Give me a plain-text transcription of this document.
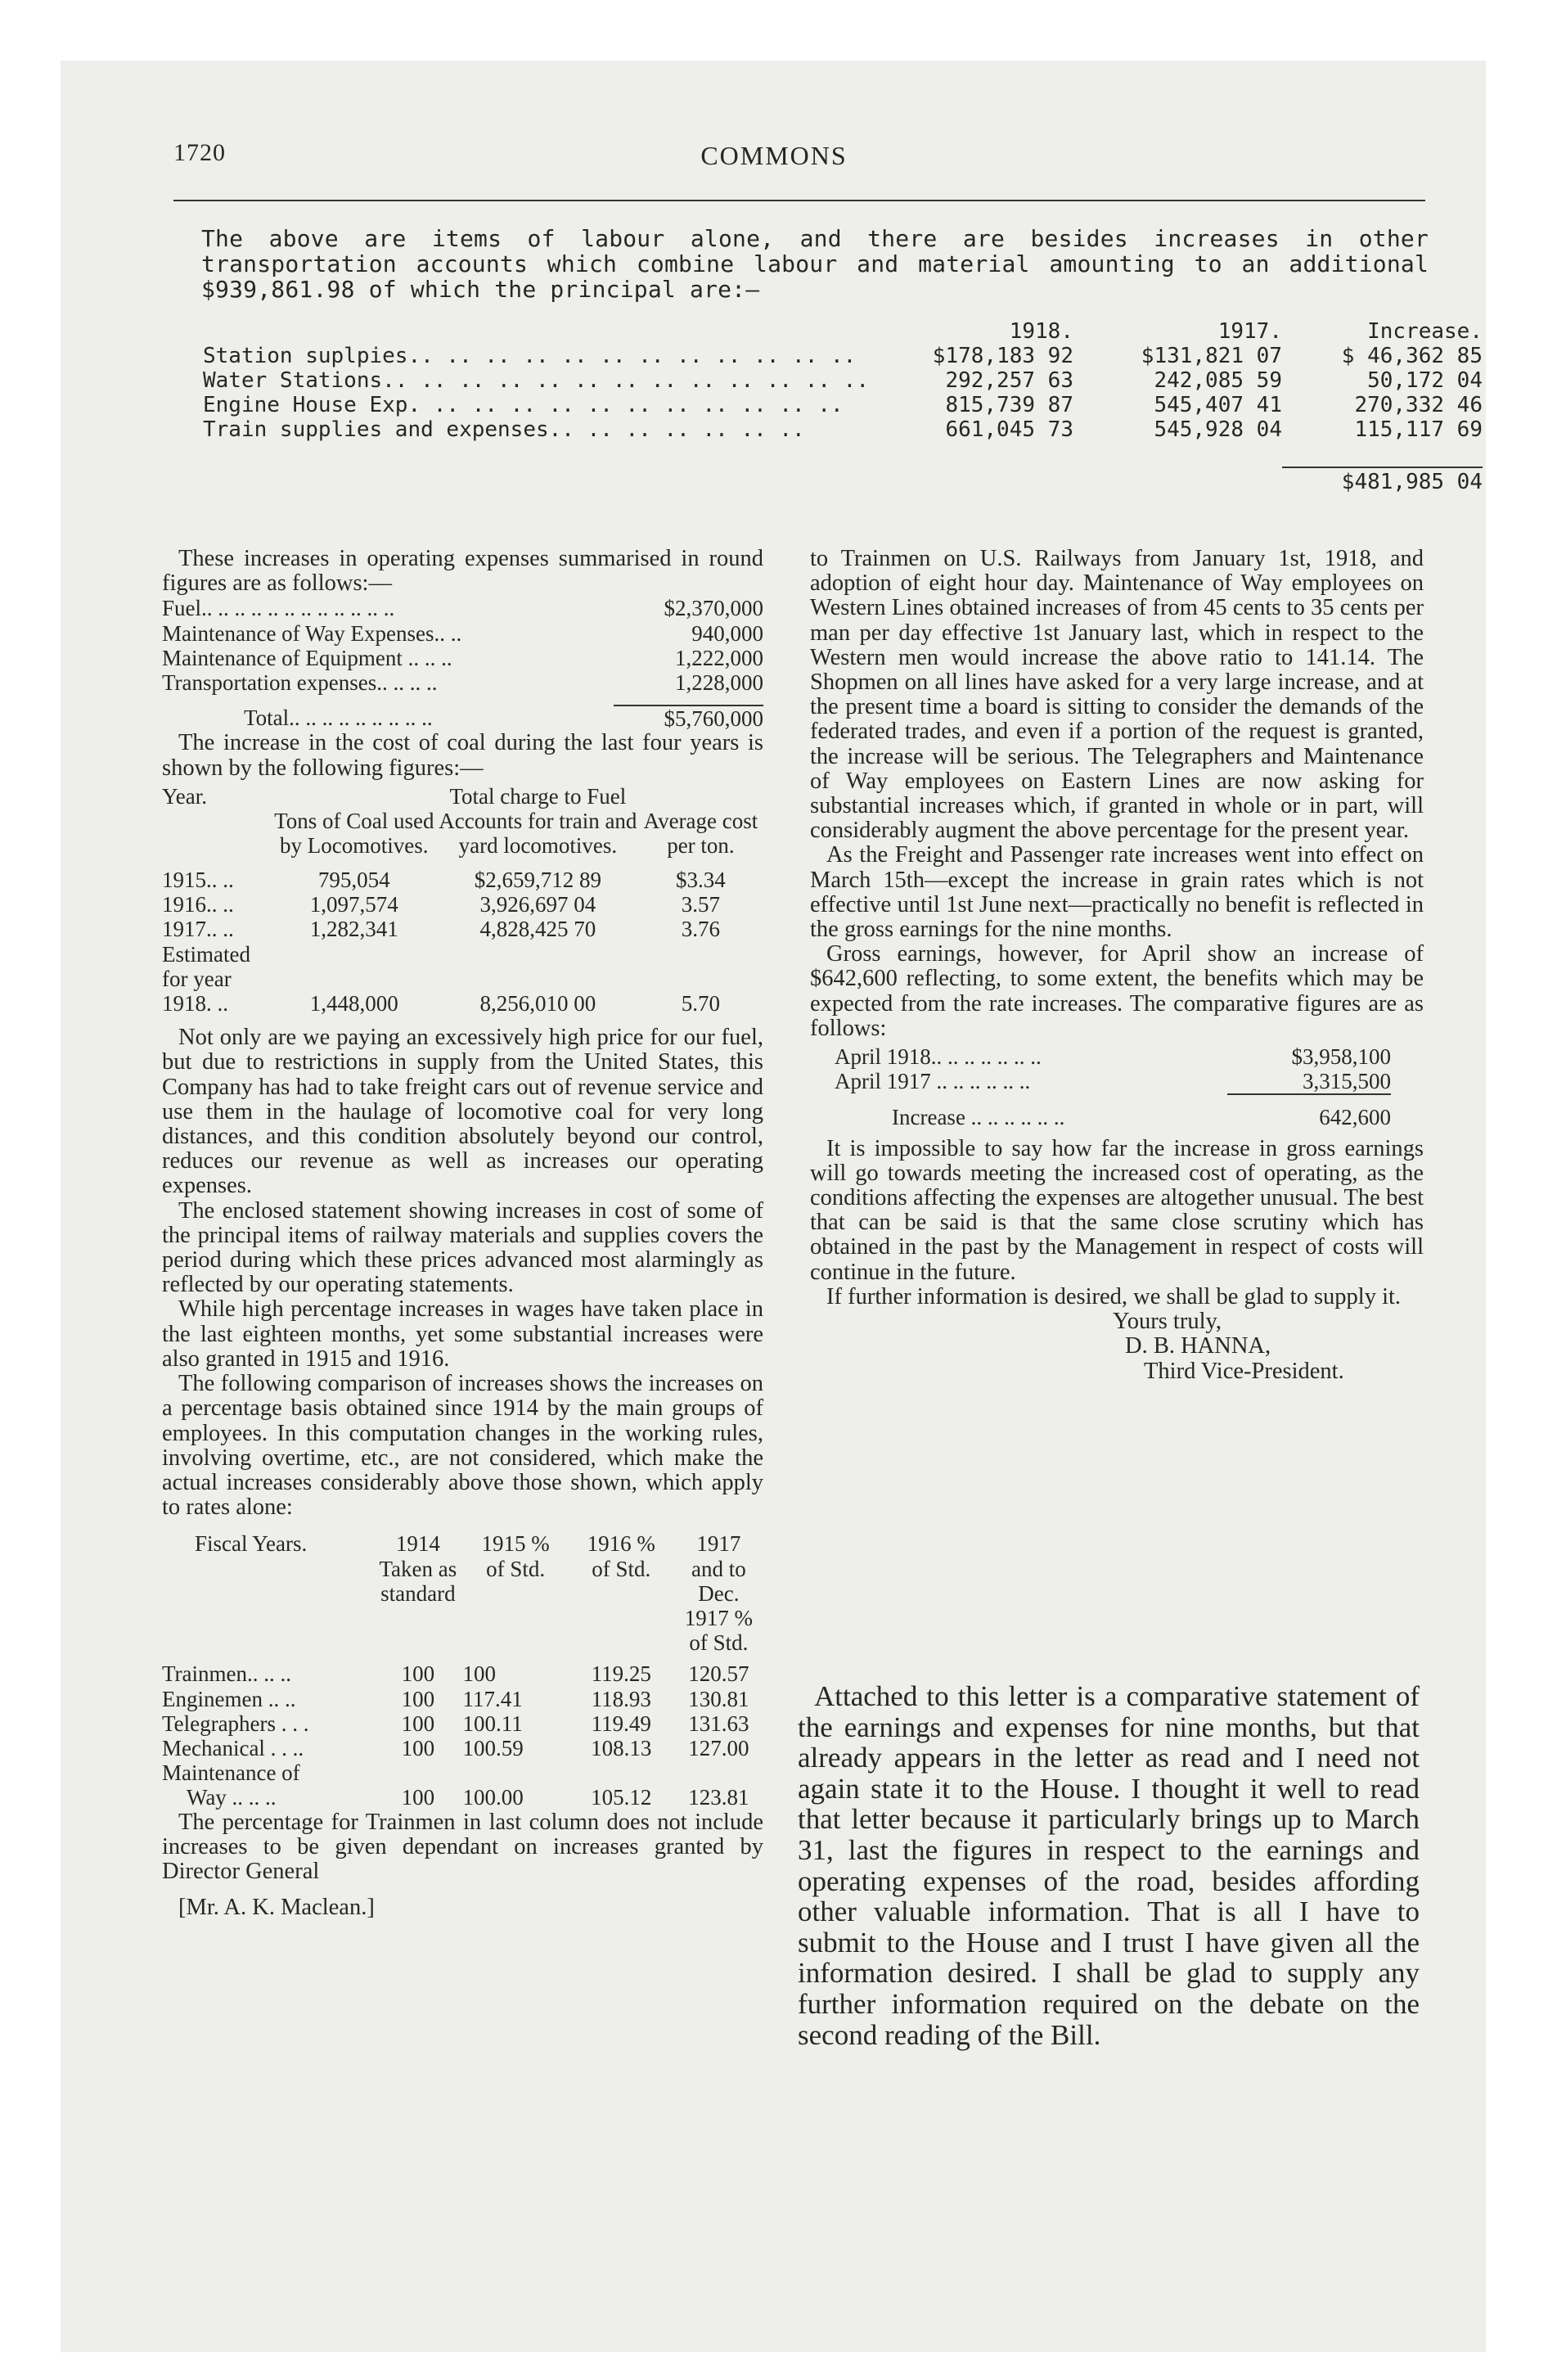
1720	COMMONS
The above are items of labour alone, and there are besides increases in other transportation accounts which combine labour and material amounting to an additional $939,861.98 of which the principal are:—
	1918.	1917.	Increase.
Station suplpies.. .. .. .. .. .. .. .. .. .. .. ..	$178,183 92	$131,821 07	$ 46,362 85
Water Stations.. .. .. .. .. .. .. .. .. .. .. .. ..	292,257 63	242,085 59	50,172 04
Engine House Exp. .. .. .. .. .. .. .. .. .. .. ..	815,739 87	545,407 41	270,332 46
Train supplies and expenses.. .. .. .. .. .. ..	661,045 73	545,928 04	115,117 69

			$481,985 04

These increases in operating expenses summarised in round figures are as follows:—

Fuel.. .. .. .. .. .. .. .. .. .. .. ..	$2,370,000
Maintenance of Way Expenses.. ..	940,000
Maintenance of Equipment .. .. ..	1,222,000
Transportation expenses.. .. .. ..	1,228,000

Total.. .. .. .. .. .. .. .. ..	$5,760,000

The increase in the cost of coal during the last four years is shown by the following figures:—

Year.	Tons of Coal used by Locomotives.	Total charge to Fuel Accounts for train and yard locomotives.	Average cost per ton.

1915.. ..	795,054	$2,659,712 89	$3.34
1916.. ..	1,097,574	3,926,697 04	3.57
1917.. ..	1,282,341	4,828,425 70	3.76

Estimated for year			

1918. ..	1,448,000	8,256,010 00	5.70

Not only are we paying an excessively high price for our fuel, but due to restrictions in supply from the United States, this Company has had to take freight cars out of revenue service and use them in the haulage of locomotive coal for very long distances, and this condition absolutely beyond our control, reduces our revenue as well as increases our operating expenses.

The enclosed statement showing increases in cost of some of the principal items of railway materials and supplies covers the period during which these prices advanced most alarmingly as reflected by our operating statements.

While high percentage increases in wages have taken place in the last eighteen months, yet some substantial increases were also granted in 1915 and 1916.

The following comparison of increases shows the increases on a percentage basis obtained since 1914 by the main groups of employees. In this computation changes in the working rules, involving overtime, etc., are not considered, which make the actual increases considerably above those shown, which apply to rates alone:

Fiscal Years.	1914 Taken as standard	1915 % of Std.	1916 % of Std.	1917 and to Dec. 1917 % of Std.

Trainmen.. .. ..	100	100	119.25	120.57
Enginemen .. ..	100	117.41	118.93	130.81
Telegraphers . . .	100	100.11	119.49	131.63
Mechanical . . ..	100	100.59	108.13	127.00
Maintenance of				
Way .. .. ..	100	100.00	105.12	123.81

The percentage for Trainmen in last column does not include increases to be given dependant on increases granted by Director General

[Mr. A. K. Maclean.]

to Trainmen on U.S. Railways from January 1st, 1918, and adoption of eight hour day. Maintenance of Way employees on Western Lines obtained increases of from 45 cents to 35 cents per man per day effective 1st January last, which in respect to the Western men would increase the above ratio to 141.14. The Shopmen on all lines have asked for a very large increase, and at the present time a board is sitting to consider the demands of the federated trades, and even if a portion of the request is granted, the increase will be serious. The Telegraphers and Maintenance of Way employees on Eastern Lines are now asking for substantial increases which, if granted in whole or in part, will considerably augment the above percentage for the present year.

As the Freight and Passenger rate increases went into effect on March 15th—except the increase in grain rates which is not effective until 1st June next—practically no benefit is reflected in the gross earnings for the nine months.

Gross earnings, however, for April show an increase of $642,600 reflecting, to some extent, the benefits which may be expected from the rate increases. The comparative figures are as follows:

April 1918.. .. .. .. .. .. ..	$3,958,100
April 1917 .. .. .. .. .. ..	3,315,500

Increase .. .. .. .. .. ..	642,600

It is impossible to say how far the increase in gross earnings will go towards meeting the increased cost of operating, as the conditions affecting the expenses are altogether unusual. The best that can be said is that the same close scrutiny which has obtained in the past by the Management in respect of costs will continue in the future.

If further information is desired, we shall be glad to supply it.

Yours truly,

D. B. HANNA,

Third Vice-President.

Attached to this letter is a comparative statement of the earnings and expenses for nine months, but that already appears in the letter as read and I need not again state it to the House. I thought it well to read that letter because it particularly brings up to March 31, last the figures in respect to the earnings and operating expenses of the road, besides affording other valuable information. That is all I have to submit to the House and I trust I have given all the information desired. I shall be glad to supply any further information required on the debate on the second reading of the Bill.
